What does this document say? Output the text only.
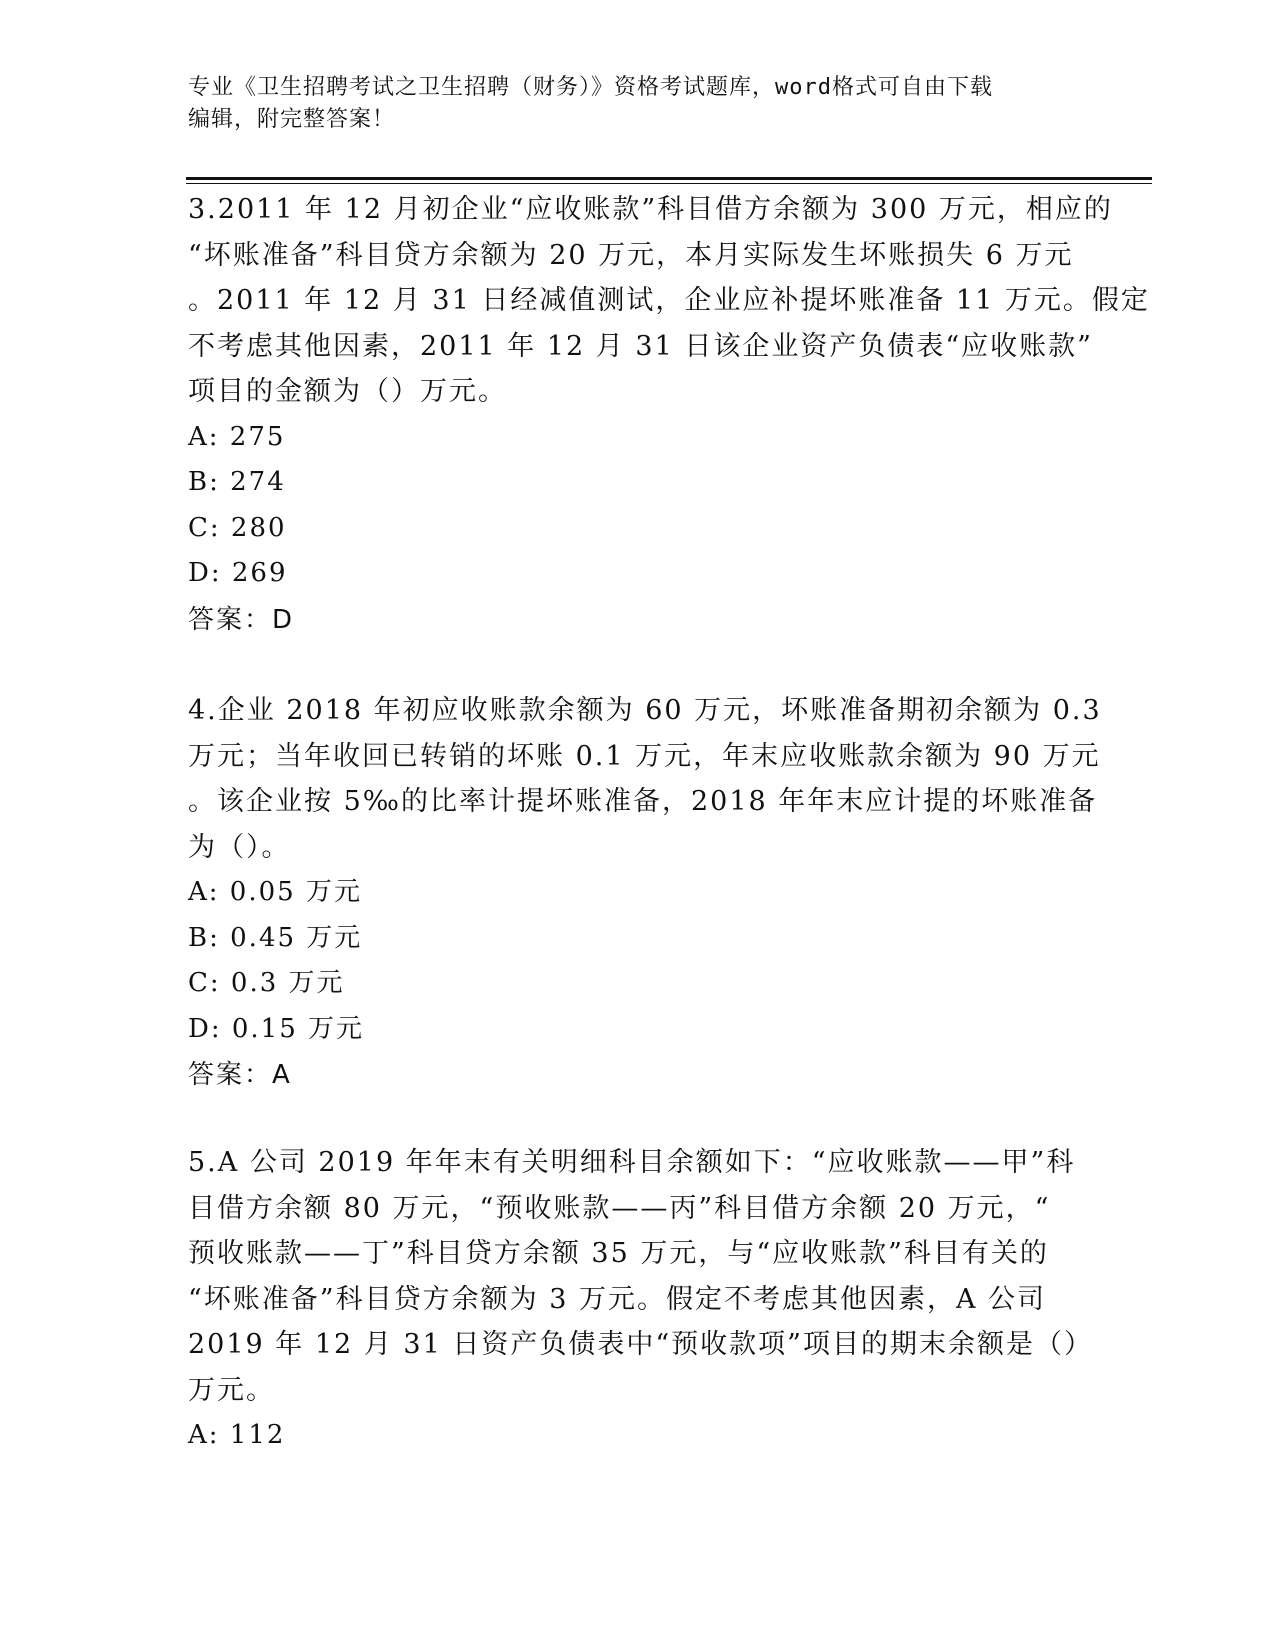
专业《卫生招聘考试之卫生招聘（财务）》资格考试题库，word格式可自由下载
编辑，附完整答案！
3.2011 年 12 月初企业“应收账款”科目借方余额为 300 万元，相应的
“坏账准备”科目贷方余额为 20 万元，本月实际发生坏账损失 6 万元
。2011 年 12 月 31 日经减值测试，企业应补提坏账准备 11 万元。假定
不考虑其他因素，2011 年 12 月 31 日该企业资产负债表“应收账款”
项目的金额为（）万元。
A: 275
B: 274
C: 280
D: 269
答案：D
4.企业 2018 年初应收账款余额为 60 万元，坏账准备期初余额为 0.3
万元；当年收回已转销的坏账 0.1 万元，年末应收账款余额为 90 万元
。该企业按 5‰的比率计提坏账准备，2018 年年末应计提的坏账准备
为（）。
A: 0.05 万元
B: 0.45 万元
C: 0.3 万元
D: 0.15 万元
答案：A
5.A 公司 2019 年年末有关明细科目余额如下：“应收账款——甲”科
目借方余额 80 万元，“预收账款——丙”科目借方余额 20 万元，“
预收账款——丁”科目贷方余额 35 万元，与“应收账款”科目有关的
“坏账准备”科目贷方余额为 3 万元。假定不考虑其他因素，A 公司
2019 年 12 月 31 日资产负债表中“预收款项”项目的期末余额是（）
万元。
A: 112
